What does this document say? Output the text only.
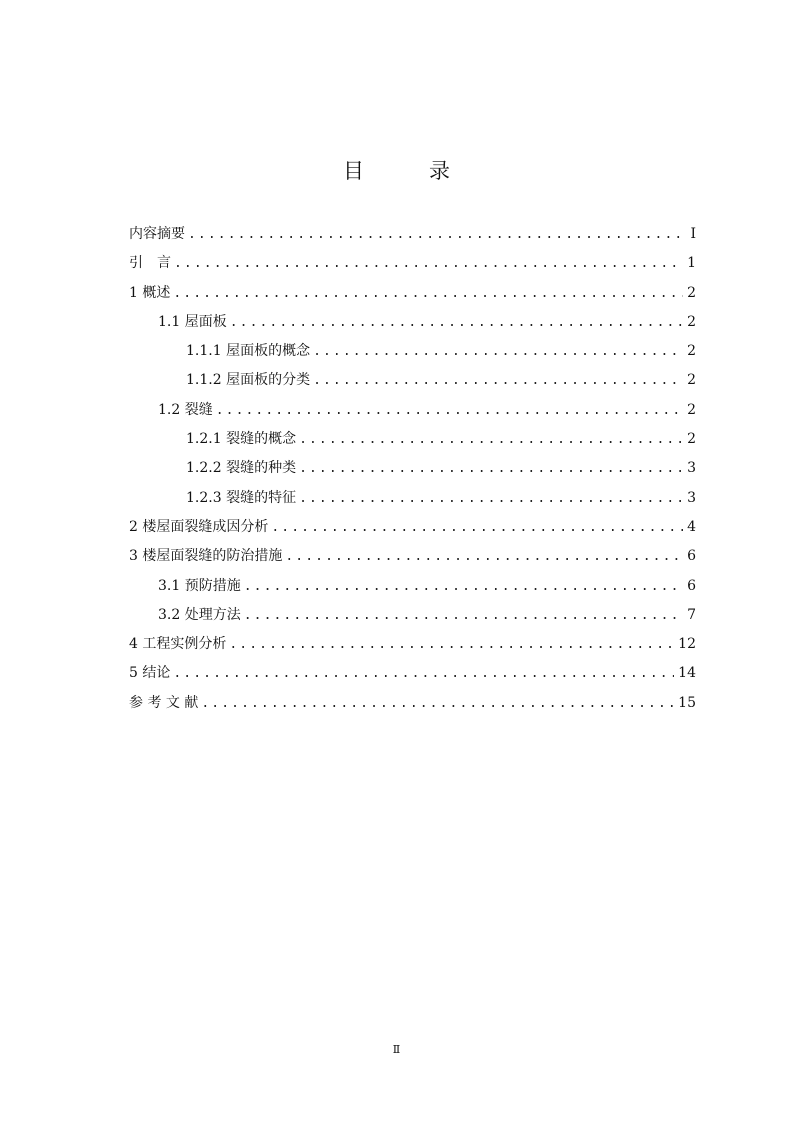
目　录
内容摘要 .....	I
引　言 .....	1
1 概述 .....	2
1.1 屋面板 .....	2
1.1.1 屋面板的概念 .....	2
1.1.2 屋面板的分类 .....	2
1.2 裂缝 .....	2
1.2.1 裂缝的概念 .....	2
1.2.2 裂缝的种类 .....	3
1.2.3 裂缝的特征 .....	3
2 楼屋面裂缝成因分析 .....	4
3 楼屋面裂缝的防治措施 .....	6
3.1 预防措施 .....	6
3.2 处理方法 .....	7
4 工程实例分析 .....	12
5 结论 .....	14
参 考 文 献 .....	15
Ⅱ
